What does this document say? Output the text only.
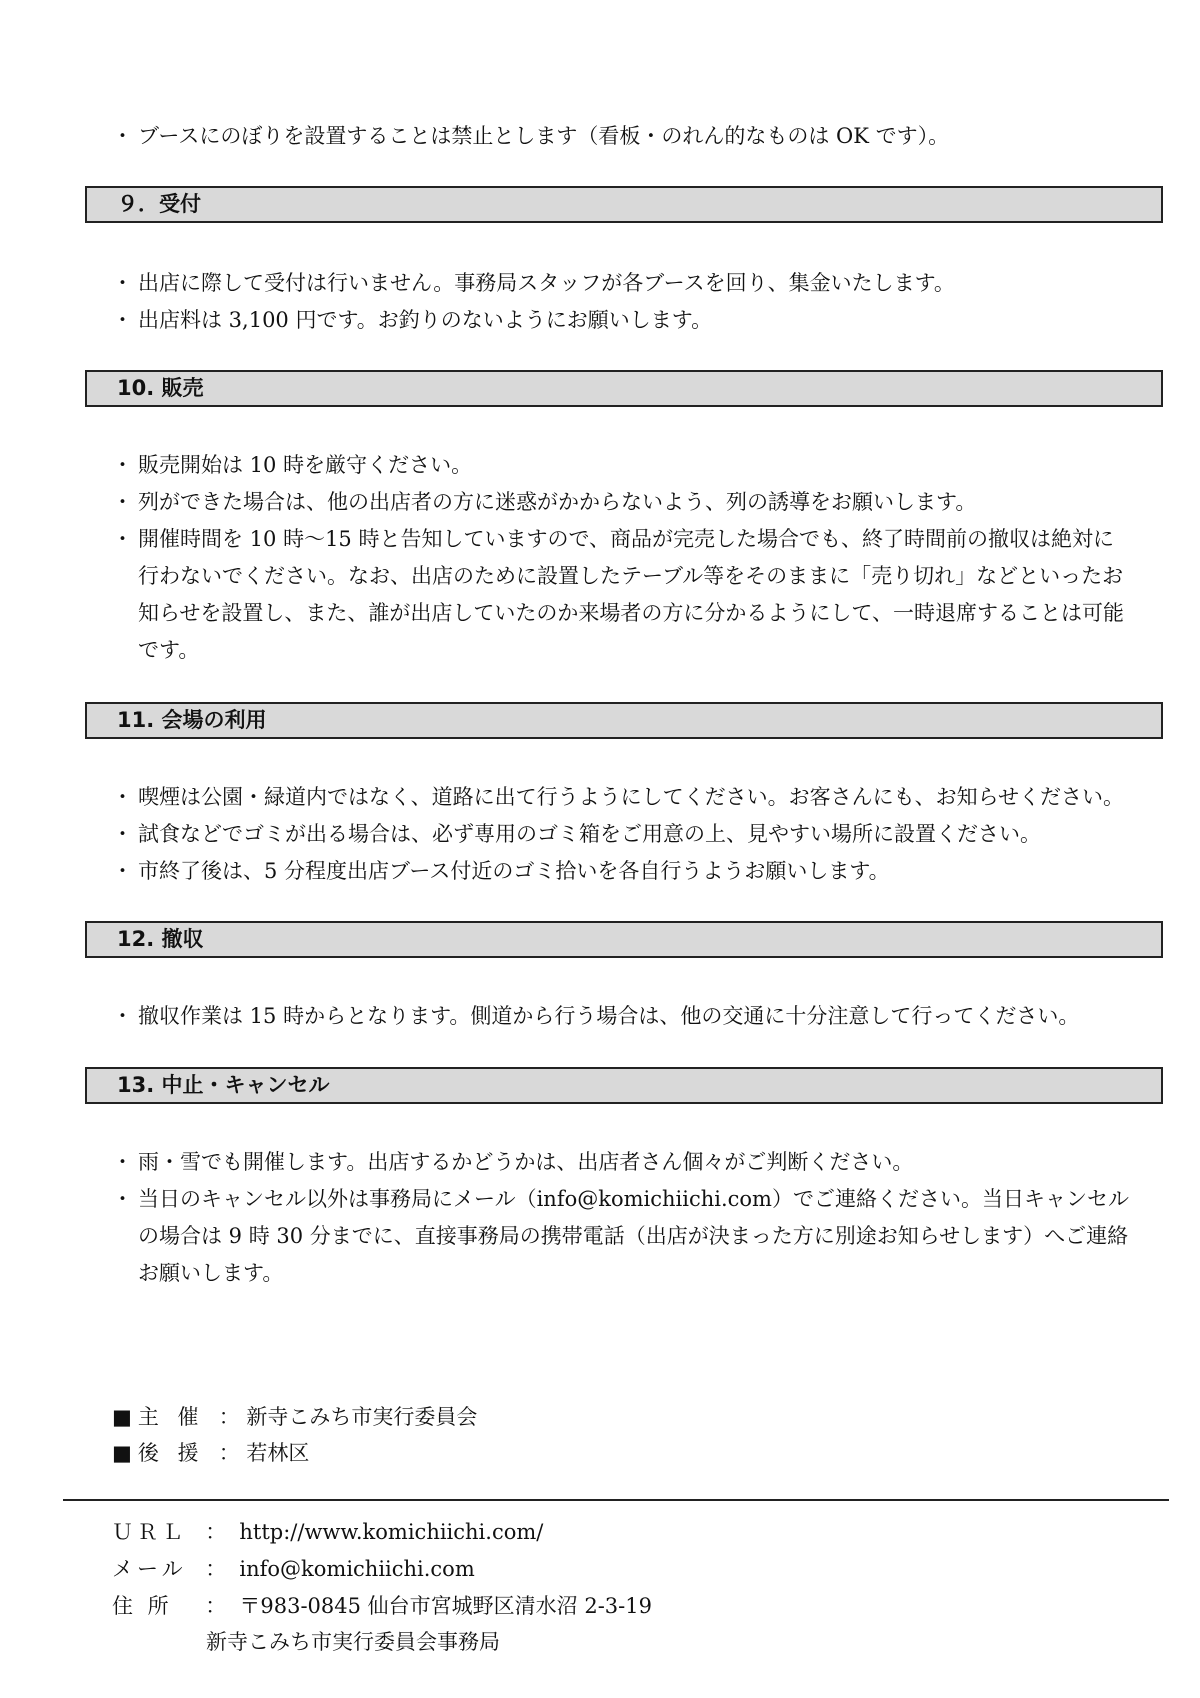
・ ブースにのぼりを設置することは禁止とします（看板・のれん的なものは OK です）。
９．受付
・ 出店に際して受付は行いません。事務局スタッフが各ブースを回り、集金いたします。
・ 出店料は 3,100 円です。お釣りのないようにお願いします。
10. 販売
・ 販売開始は 10 時を厳守ください。
・ 列ができた場合は、他の出店者の方に迷惑がかからないよう、列の誘導をお願いします。
・ 開催時間を 10 時～15 時と告知していますので、商品が完売した場合でも、終了時間前の撤収は絶対に行わないでください。なお、出店のために設置したテーブル等をそのままに「売り切れ」などといったお知らせを設置し、また、誰が出店していたのか来場者の方に分かるようにして、一時退席することは可能です。
11. 会場の利用
・ 喫煙は公園・緑道内ではなく、道路に出て行うようにしてください。お客さんにも、お知らせください。
・ 試食などでゴミが出る場合は、必ず専用のゴミ箱をご用意の上、見やすい場所に設置ください。
・ 市終了後は、5 分程度出店ブース付近のゴミ拾いを各自行うようお願いします。
12. 撤収
・ 撤収作業は 15 時からとなります。側道から行う場合は、他の交通に十分注意して行ってください。
13. 中止・キャンセル
・ 雨・雪でも開催します。出店するかどうかは、出店者さん個々がご判断ください。
・ 当日のキャンセル以外は事務局にメール（info@komichiichi.com）でご連絡ください。当日キャンセルの場合は 9 時 30 分までに、直接事務局の携帯電話（出店が決まった方に別途お知らせします）へご連絡お願いします。
■主 催 ： 新寺こみち市実行委員会
■後 援 ： 若林区
ＵＲＬ ： http://www.komichiichi.com/
メール ： info@komichiichi.com
住 所 ： 〒983-0845 仙台市宮城野区清水沼 2-3-19
新寺こみち市実行委員会事務局
